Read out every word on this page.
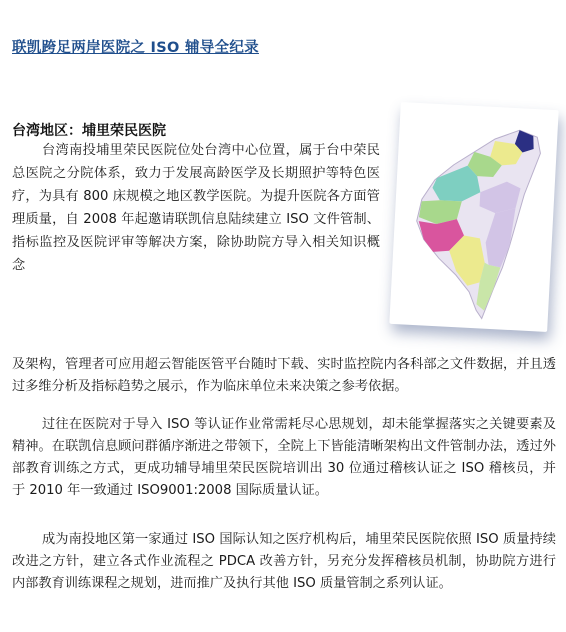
联凯跨足两岸医院之 ISO 辅导全纪录
台湾地区：埔里荣民医院

台湾南投埔里荣民医院位处台湾中心位置，属于台中荣民总医院之分院体系，致力于发展高龄医学及长期照护等特色医疗，为具有 800 床规模之地区教学医院。为提升医院各方面管理质量，自 2008 年起邀请联凯信息陆续建立 ISO 文件管制、指标监控及医院评审等解决方案，除协助院方导入相关知识概念

及架构，管理者可应用超云智能医管平台随时下载、实时监控院内各科部之文件数据，并且透过多维分析及指标趋势之展示，作为临床单位未来决策之参考依据。

过往在医院对于导入 ISO 等认证作业常需耗尽心思规划，却未能掌握落实之关键要素及精神。在联凯信息顾问群循序渐进之带领下，全院上下皆能清晰架构出文件管制办法，透过外部教育训练之方式，更成功辅导埔里荣民医院培训出 30 位通过稽核认证之 ISO 稽核员，并于 2010 年一致通过 ISO9001:2008 国际质量认证。

成为南投地区第一家通过 ISO 国际认知之医疗机构后，埔里荣民医院依照 ISO 质量持续改进之方针，建立各式作业流程之 PDCA 改善方针，另充分发挥稽核员机制，协助院方进行内部教育训练课程之规划，进而推广及执行其他 ISO 质量管制之系列认证。
